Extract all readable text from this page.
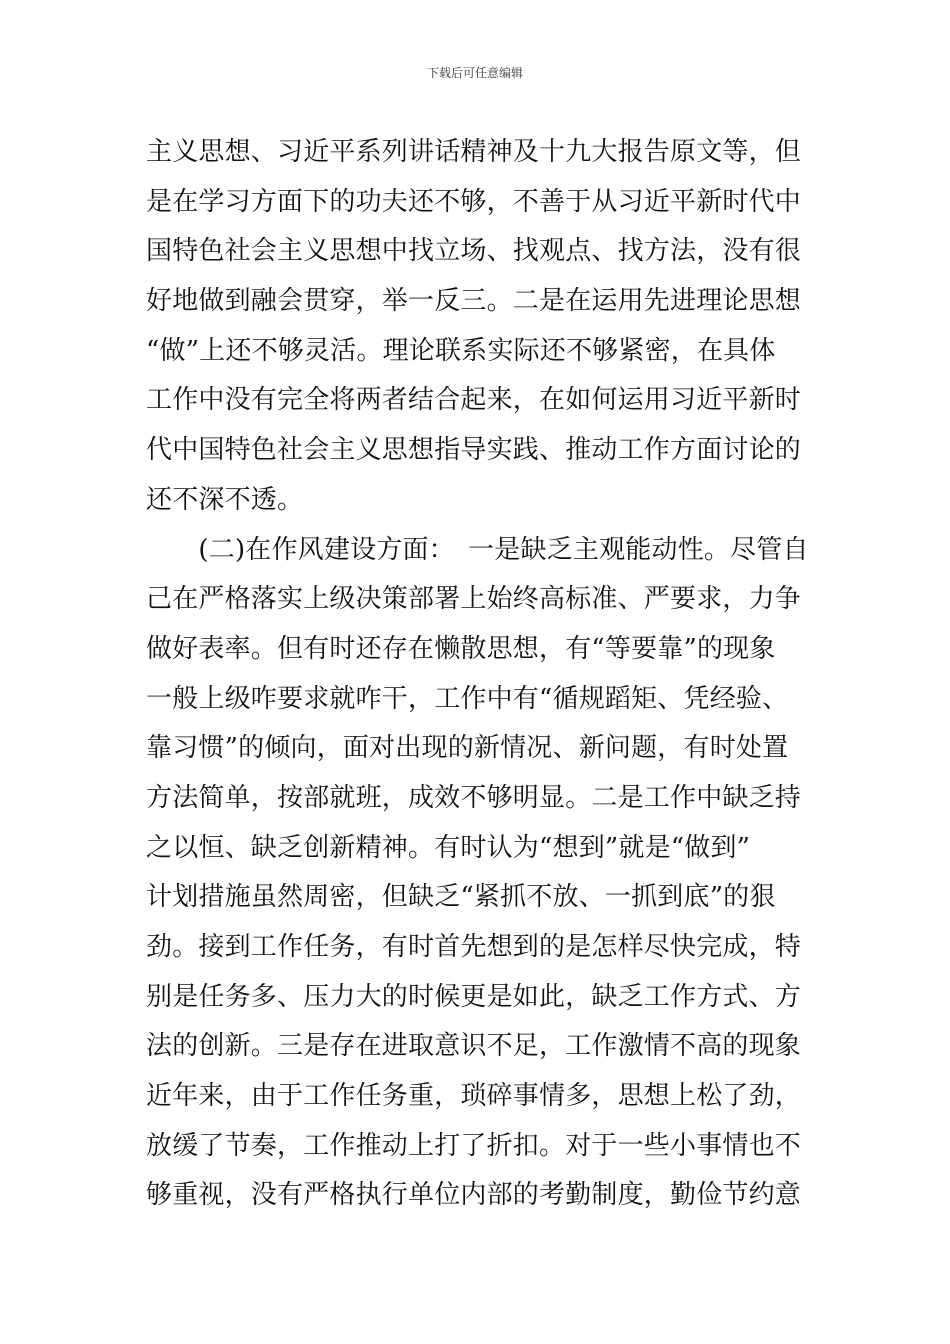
下载后可任意编辑
主义思想、习近平系列讲话精神及十九大报告原文等，但
是在学习方面下的功夫还不够，不善于从习近平新时代中
国特色社会主义思想中找立场、找观点、找方法，没有很
好地做到融会贯穿，举一反三。二是在运用先进理论思想
“做”上还不够灵活。理论联系实际还不够紧密，在具体
工作中没有完全将两者结合起来，在如何运用习近平新时
代中国特色社会主义思想指导实践、推动工作方面讨论的
还不深不透。
　　(二)在作风建设方面：　一是缺乏主观能动性。尽管自
己在严格落实上级决策部署上始终高标准、严要求，力争
做好表率。但有时还存在懒散思想，有“等要靠”的现象
一般上级咋要求就咋干，工作中有“循规蹈矩、凭经验、
靠习惯”的倾向，面对出现的新情况、新问题，有时处置
方法简单，按部就班，成效不够明显。二是工作中缺乏持
之以恒、缺乏创新精神。有时认为“想到”就是“做到”
计划措施虽然周密，但缺乏“紧抓不放、一抓到底”的狠
劲。接到工作任务，有时首先想到的是怎样尽快完成，特
别是任务多、压力大的时候更是如此，缺乏工作方式、方
法的创新。三是存在进取意识不足，工作激情不高的现象
近年来，由于工作任务重，琐碎事情多，思想上松了劲，
放缓了节奏，工作推动上打了折扣。对于一些小事情也不
够重视，没有严格执行单位内部的考勤制度，勤俭节约意
